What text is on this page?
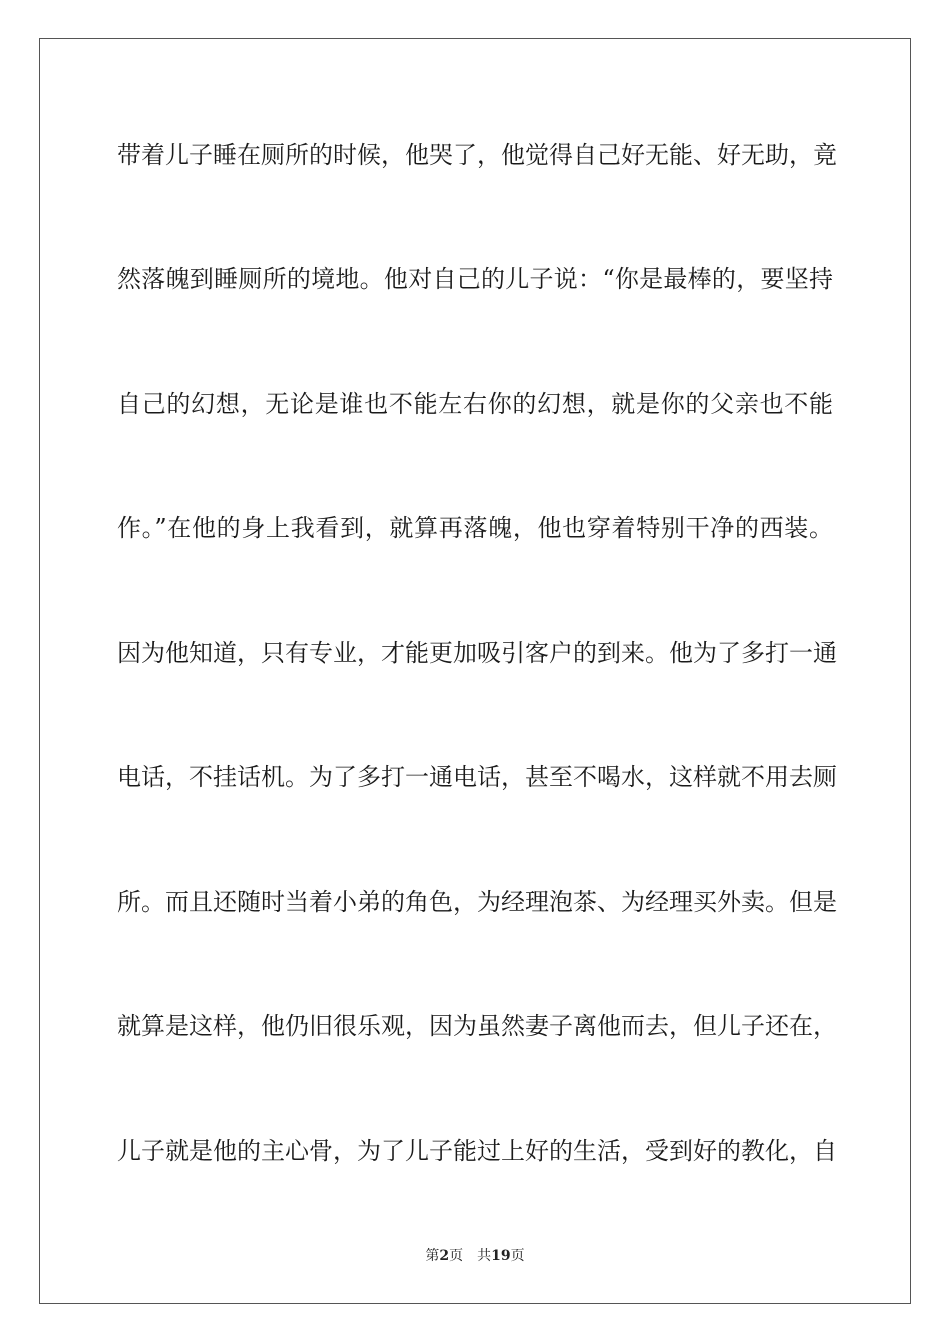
带着儿子睡在厕所的时候，他哭了，他觉得自己好无能、好无助，竟
然落魄到睡厕所的境地。他对自己的儿子说：“你是最棒的，要坚持
自己的幻想，无论是谁也不能左右你的幻想，就是你的父亲也不能
作。”在他的身上我看到，就算再落魄，他也穿着特别干净的西装。
因为他知道，只有专业，才能更加吸引客户的到来。他为了多打一通
电话，不挂话机。为了多打一通电话，甚至不喝水，这样就不用去厕
所。而且还随时当着小弟的角色，为经理泡茶、为经理买外卖。但是
就算是这样，他仍旧很乐观，因为虽然妻子离他而去，但儿子还在，
儿子就是他的主心骨，为了儿子能过上好的生活，受到好的教化，自
第2页 共19页
